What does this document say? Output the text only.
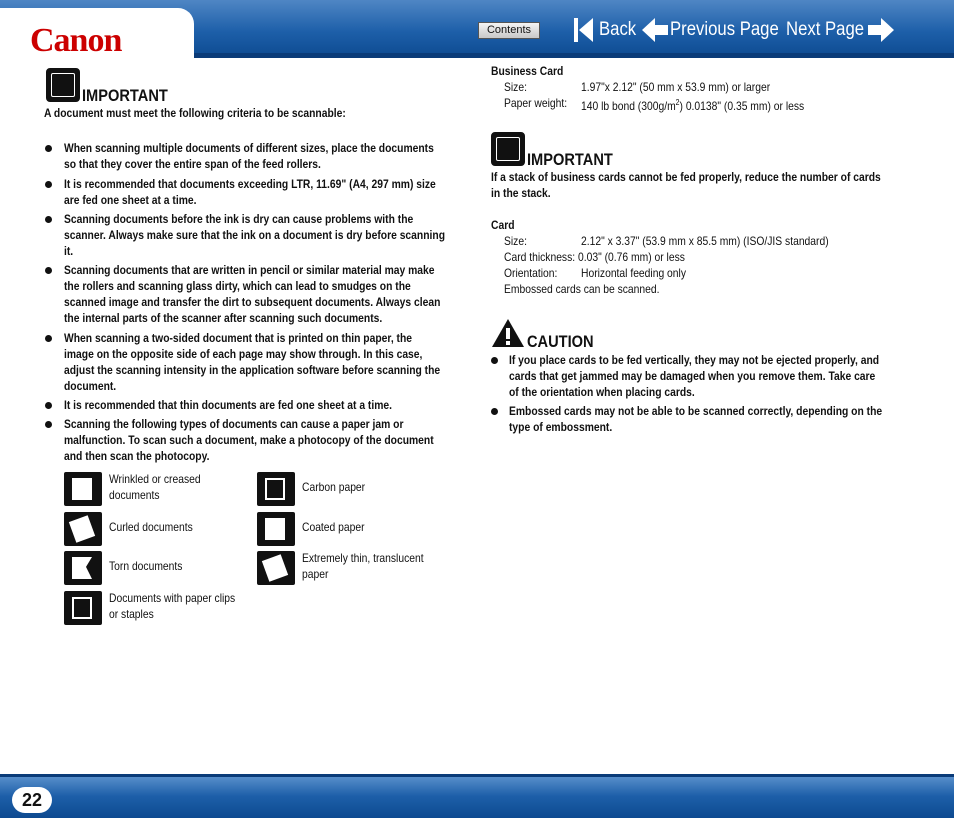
Canon	Contents	Back Previous Page Next Page
IMPORTANT
A document must meet the following criteria to be scannable:
When scanning multiple documents of different sizes, place the documents
so that they cover the entire span of the feed rollers.
It is recommended that documents exceeding LTR, 11.69" (A4, 297 mm) size
are fed one sheet at a time.
Scanning documents before the ink is dry can cause problems with the
scanner. Always make sure that the ink on a document is dry before scanning
it.
Scanning documents that are written in pencil or similar material may make
the rollers and scanning glass dirty, which can lead to smudges on the
scanned image and transfer the dirt to subsequent documents. Always clean
the internal parts of the scanner after scanning such documents.
When scanning a two-sided document that is printed on thin paper, the
image on the opposite side of each page may show through. In this case,
adjust the scanning intensity in the application software before scanning the
document.
It is recommended that thin documents are fed one sheet at a time.
Scanning the following types of documents can cause a paper jam or
malfunction. To scan such a document, make a photocopy of the document
and then scan the photocopy.
Wrinkled or creased
documents
Curled documents
Torn documents
Documents with paper clips
or staples
Carbon paper
Coated paper
Extremely thin, translucent
paper
Business Card
Size:	1.97"x 2.12" (50 mm x 53.9 mm) or larger
Paper weight: 140 lb bond $(300g/m^2)$ 0.0138" (0.35 mm) or less
IMPORTANT
If a stack of business cards cannot be fed properly, reduce the number of cards
in the stack.
Card
Size:	2.12" x 3.37" (53.9 mm x 85.5 mm) (ISO/JIS standard)
Card thickness: 0.03" (0.76 mm) or less
Orientation: Horizontal feeding only
Embossed cards can be scanned.
CAUTION
If you place cards to be fed vertically, they may not be ejected properly, and
cards that get jammed may be damaged when you remove them. Take care
of the orientation when placing cards.
Embossed cards may not be able to be scanned correctly, depending on the
type of embossment.
22
